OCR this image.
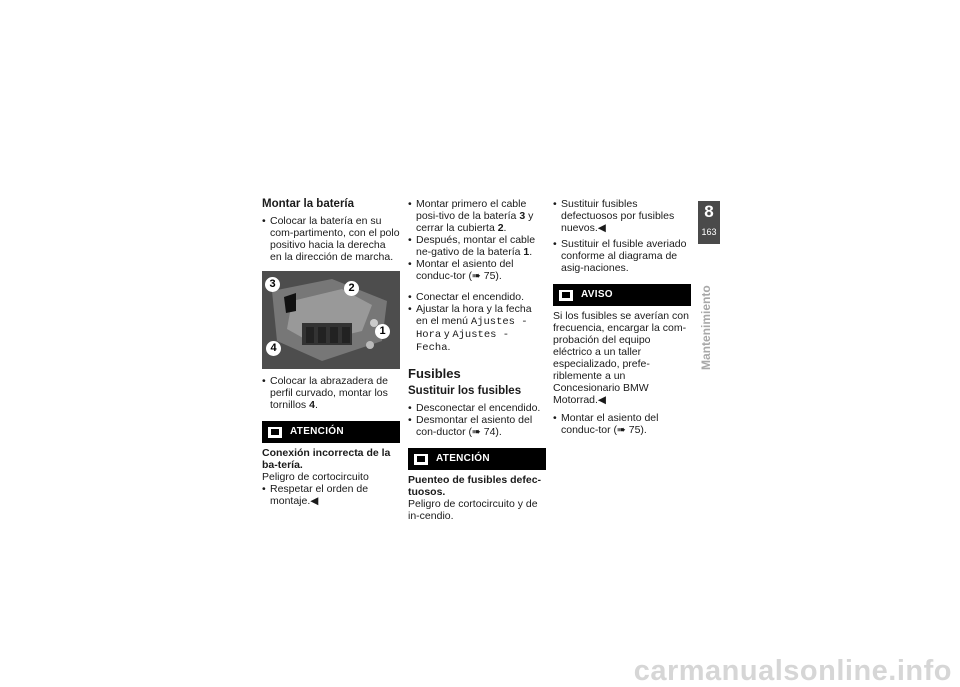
Montar la batería
• Colocar la batería en su com-partimento, con el polo positivo hacia la derecha en la dirección de marcha.
3	2
1
4
• Colocar la abrazadera de perfil curvado, montar los tornillos 4.
ATENCIÓN

Conexión incorrecta de la ba-tería.

Peligro de cortocircuito

• Respetar el orden de montaje.◀
• Montar primero el cable posi-tivo de la batería 3 y cerrar la cubierta 2.
• Después, montar el cable ne-gativo de la batería 1.
• Montar el asiento del conduc-tor (➠ 75).
• Conectar el encendido.
• Ajustar la hora y la fecha en el menú Ajustes - Hora y Ajustes - Fecha.
Fusibles
Sustituir los fusibles
• Desconectar el encendido.
• Desmontar el asiento del con-ductor (➠ 74).
ATENCIÓN

Puenteo de fusibles defec-tuosos.

Peligro de cortocircuito y de in-cendio.

• Sustituir fusibles defectuosos por fusibles nuevos.◀
• Sustituir el fusible averiado conforme al diagrama de asig-naciones.
AVISO

Si los fusibles se averían con frecuencia, encargar la com-probación del equipo eléctrico a un taller especializado, prefe-riblemente a un Concesionario BMW Motorrad.◀

• Montar el asiento del conduc-tor (➠ 75).
8
163
Mantenimiento
carmanualsonline.info
